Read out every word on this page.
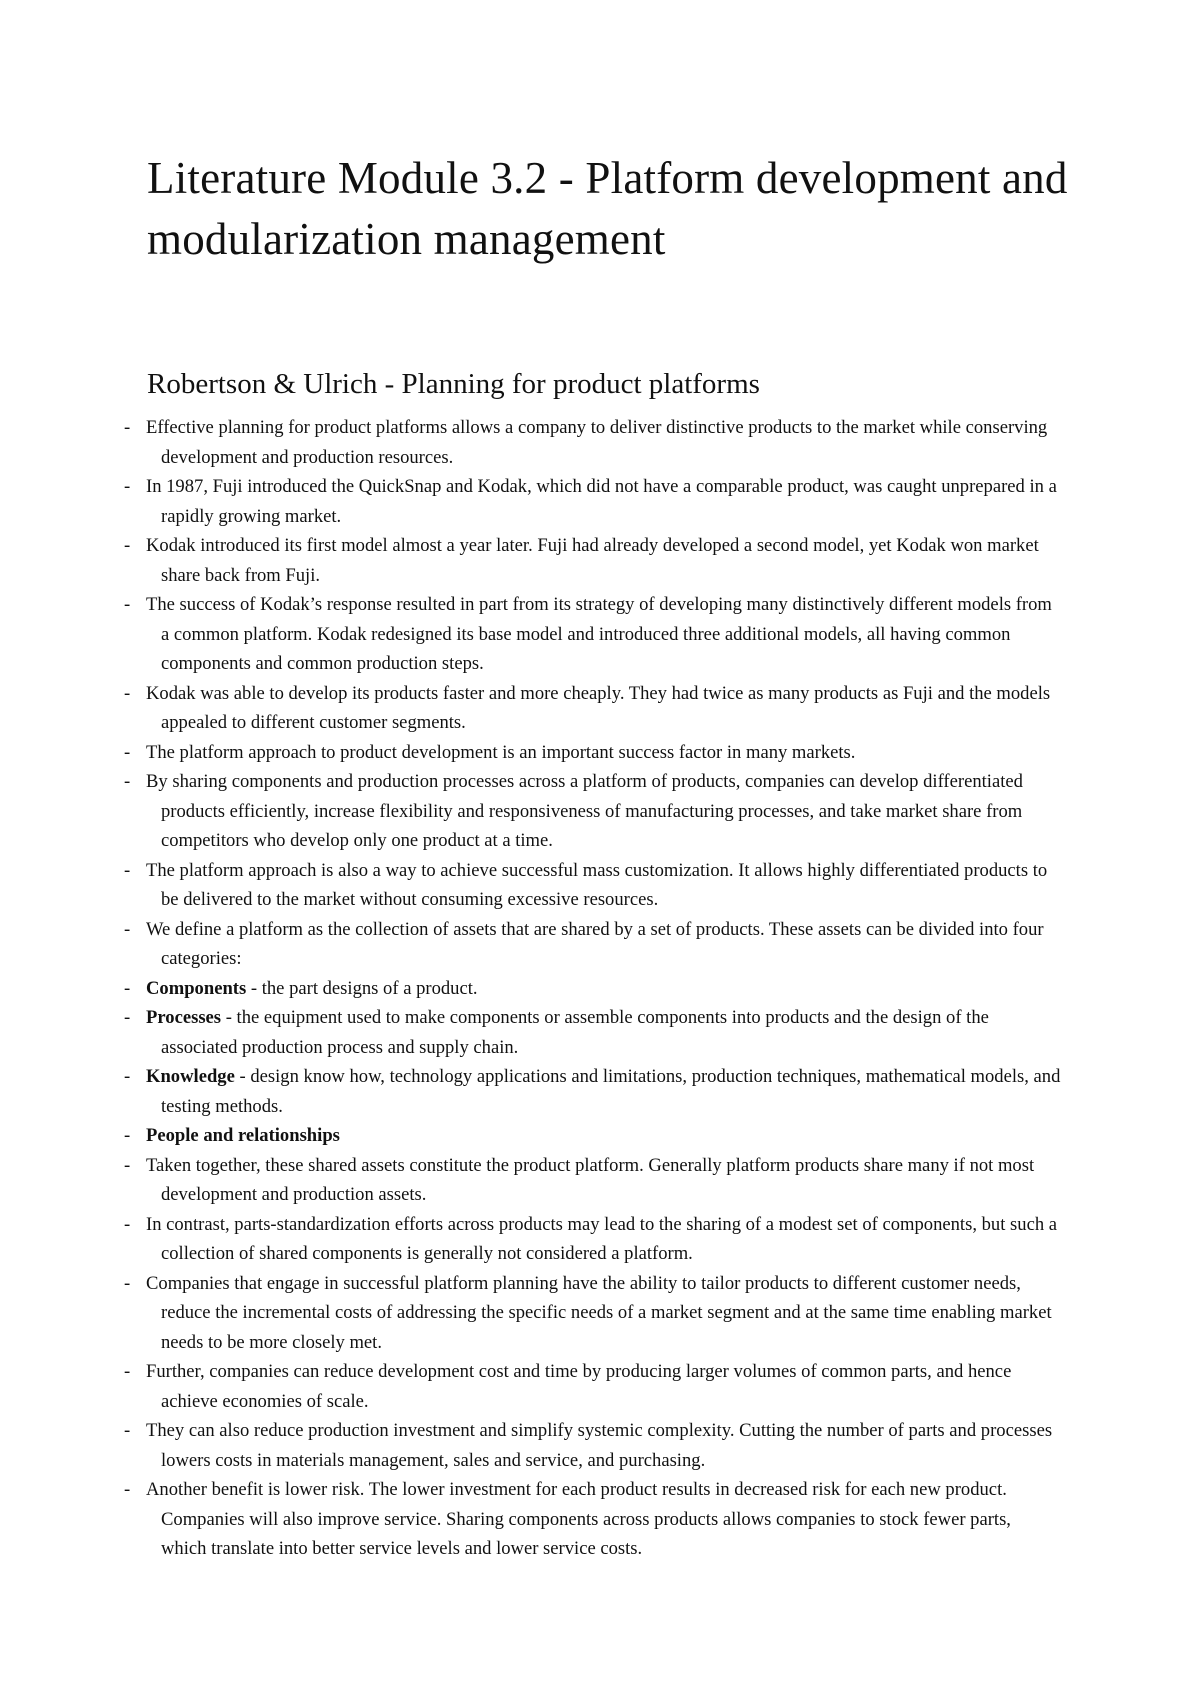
Literature Module 3.2 - Platform development and modularization management
Robertson & Ulrich - Planning for product platforms
- Effective planning for product platforms allows a company to deliver distinctive products to the market while conserving development and production resources.
- In 1987, Fuji introduced the QuickSnap and Kodak, which did not have a comparable product, was caught unprepared in a rapidly growing market.
- Kodak introduced its first model almost a year later. Fuji had already developed a second model, yet Kodak won market share back from Fuji.
- The success of Kodak’s response resulted in part from its strategy of developing many distinctively different models from a common platform. Kodak redesigned its base model and introduced three additional models, all having common components and common production steps.
- Kodak was able to develop its products faster and more cheaply. They had twice as many products as Fuji and the models appealed to different customer segments.
- The platform approach to product development is an important success factor in many markets.
- By sharing components and production processes across a platform of products, companies can develop differentiated products efficiently, increase flexibility and responsiveness of manufacturing processes, and take market share from competitors who develop only one product at a time.
- The platform approach is also a way to achieve successful mass customization. It allows highly differentiated products to be delivered to the market without consuming excessive resources.
- We define a platform as the collection of assets that are shared by a set of products. These assets can be divided into four categories:
- Components - the part designs of a product.
- Processes - the equipment used to make components or assemble components into products and the design of the associated production process and supply chain.
- Knowledge - design know how, technology applications and limitations, production techniques, mathematical models, and testing methods.
- People and relationships
- Taken together, these shared assets constitute the product platform. Generally platform products share many if not most development and production assets.
- In contrast, parts-standardization efforts across products may lead to the sharing of a modest set of components, but such a collection of shared components is generally not considered a platform.
- Companies that engage in successful platform planning have the ability to tailor products to different customer needs, reduce the incremental costs of addressing the specific needs of a market segment and at the same time enabling market needs to be more closely met.
- Further, companies can reduce development cost and time by producing larger volumes of common parts, and hence achieve economies of scale.
- They can also reduce production investment and simplify systemic complexity. Cutting the number of parts and processes lowers costs in materials management, sales and service, and purchasing.
- Another benefit is lower risk. The lower investment for each product results in decreased risk for each new product. Companies will also improve service. Sharing components across products allows companies to stock fewer parts, which translate into better service levels and lower service costs.
